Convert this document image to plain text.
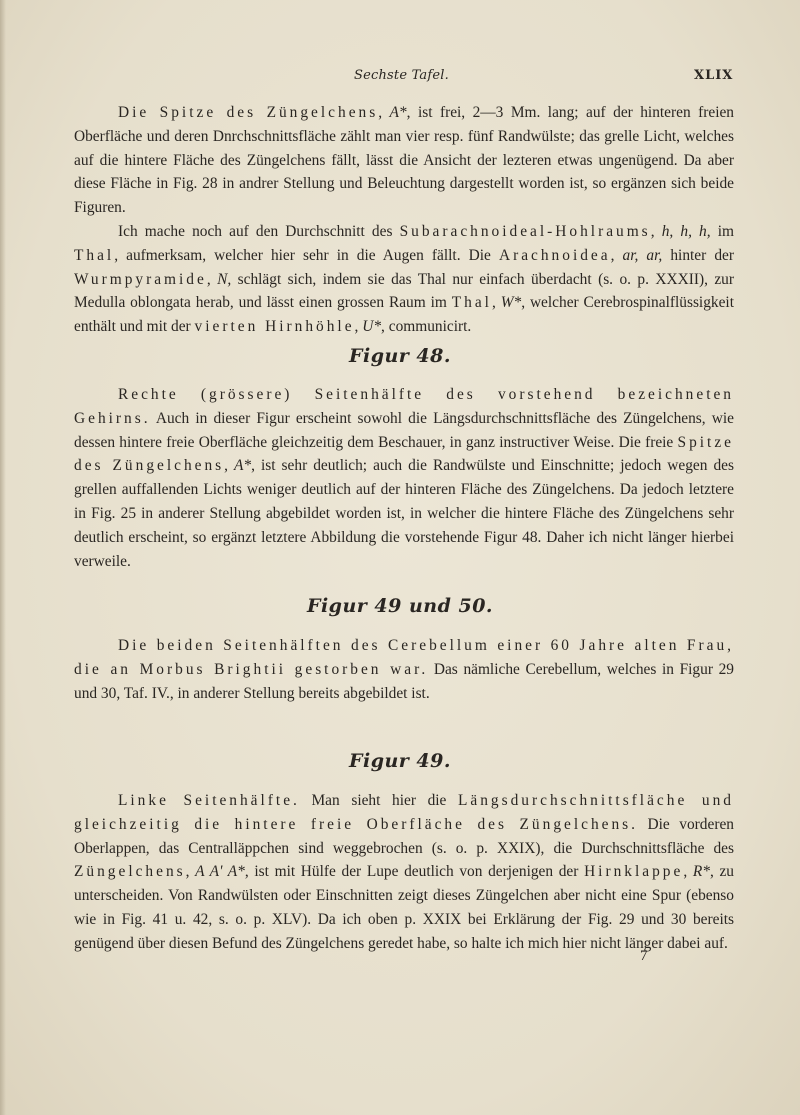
Sechste Tafel.	XLIX

Die Spitze des Züngelchens, A*, ist frei, 2—3 Mm. lang; auf der hinteren freien Oberfläche und deren Dnrchschnittsfläche zählt man vier resp. fünf Randwülste; das grelle Licht, welches auf die hintere Fläche des Züngelchens fällt, lässt die Ansicht der lezteren etwas ungenügend. Da aber diese Fläche in Fig. 28 in andrer Stellung und Beleuchtung dargestellt worden ist, so ergänzen sich beide Figuren.

Ich mache noch auf den Durchschnitt des Subarachnoideal-Hohlraums, h, h, h, im Thal, aufmerksam, welcher hier sehr in die Augen fällt. Die Arachnoidea, ar, ar, hinter der Wurmpyramide, N, schlägt sich, indem sie das Thal nur einfach überdacht (s. o. p. XXXII), zur Medulla oblongata herab, und lässt einen grossen Raum im Thal, W*, welcher Cerebrospinalflüssigkeit enthält und mit der vierten Hirnhöhle, U*, communicirt.

Figur 48.

Rechte (grössere) Seitenhälfte des vorstehend bezeichneten Gehirns. Auch in dieser Figur erscheint sowohl die Längsdurchschnittsfläche des Züngelchens, wie dessen hintere freie Oberfläche gleichzeitig dem Beschauer, in ganz instructiver Weise. Die freie Spitze des Züngelchens, A*, ist sehr deutlich; auch die Randwülste und Einschnitte; jedoch wegen des grellen auffallenden Lichts weniger deutlich auf der hinteren Fläche des Züngelchens. Da jedoch letztere in Fig. 25 in anderer Stellung abgebildet worden ist, in welcher die hintere Fläche des Züngelchens sehr deutlich erscheint, so ergänzt letztere Abbildung die vorstehende Figur 48. Daher ich nicht länger hierbei verweile.

Figur 49 und 50.

Die beiden Seitenhälften des Cerebellum einer 60 Jahre alten Frau, die an Morbus Brightii gestorben war. Das nämliche Cerebellum, welches in Figur 29 und 30, Taf. IV., in anderer Stellung bereits abgebildet ist.

Figur 49.

Linke Seitenhälfte. Man sieht hier die Längsdurchschnittsfläche und gleichzeitig die hintere freie Oberfläche des Züngelchens. Die vorderen Oberlappen, das Centralläppchen sind weggebrochen (s. o. p. XXIX), die Durchschnittsfläche des Züngelchens, A A' A*, ist mit Hülfe der Lupe deutlich von derjenigen der Hirnklappe, R*, zu unterscheiden. Von Randwülsten oder Einschnitten zeigt dieses Züngelchen aber nicht eine Spur (ebenso wie in Fig. 41 u. 42, s. o. p. XLV). Da ich oben p. XXIX bei Erklärung der Fig. 29 und 30 bereits genügend über diesen Befund des Züngelchens geredet habe, so halte ich mich hier nicht länger dabei auf.

7
